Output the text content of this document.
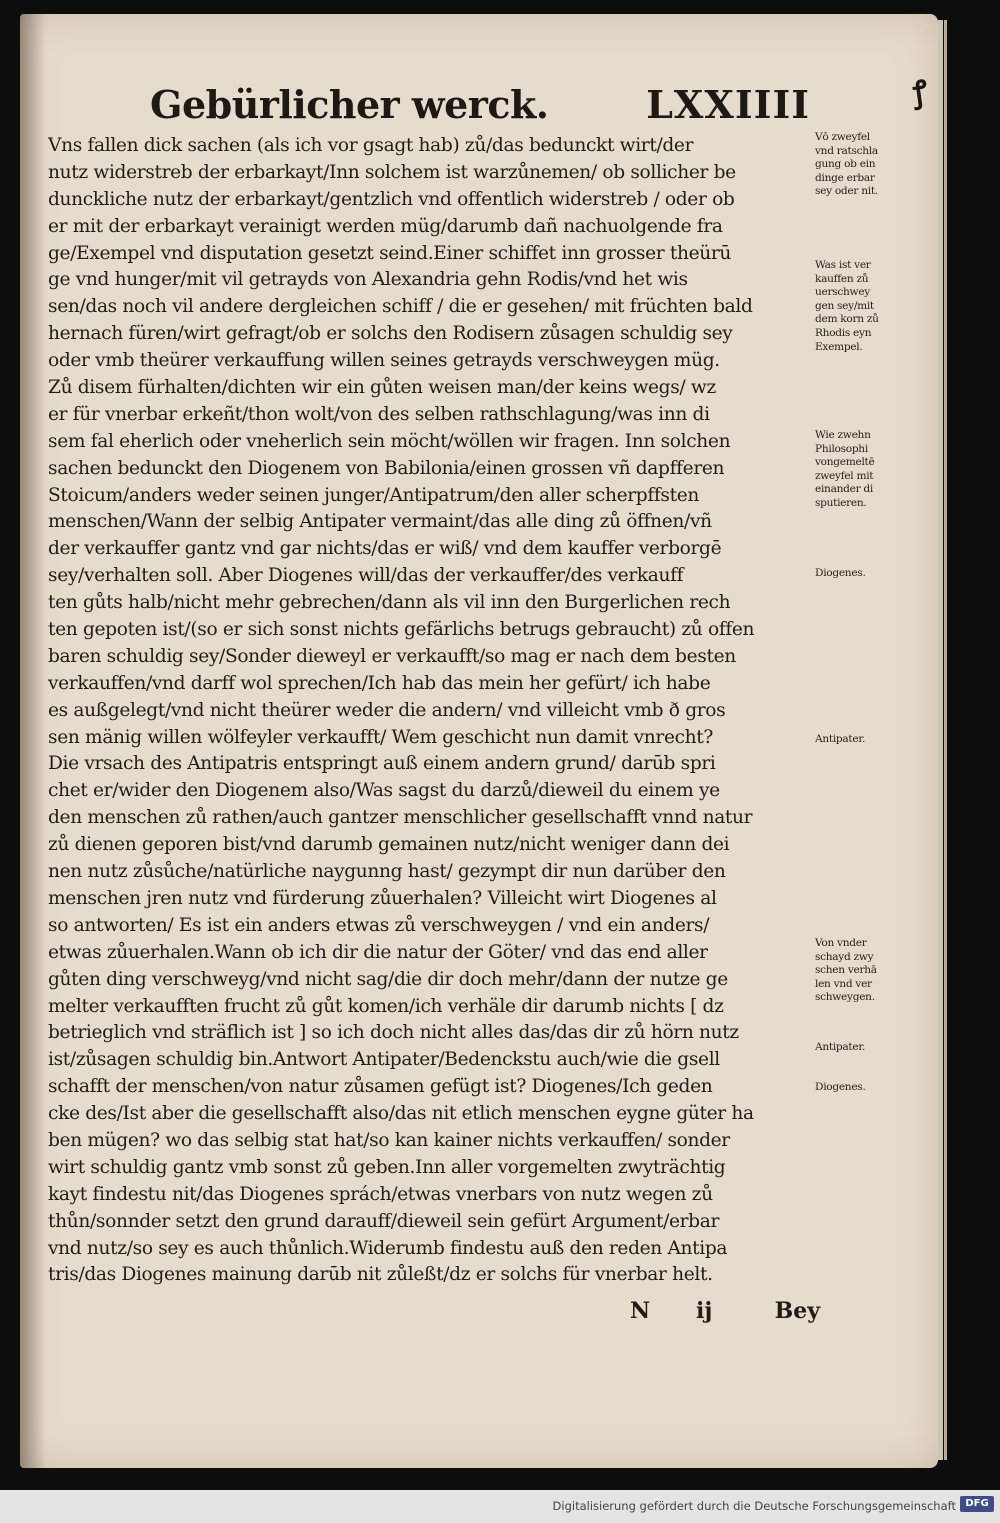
ꝭ
Gebürlicher werck.	LXXIIII
Vns fallen dick sachen (als ich vor gsagt hab) zů/das bedunckt wirt/der
nutz widerstreb der erbarkayt/Inn solchem ist warzůnemen/ ob sollicher be
dunckliche nutz der erbarkayt/gentzlich vnd offentlich widerstreb / oder ob
er mit der erbarkayt verainigt werden müg/darumb dañ nachuolgende fra
ge/Exempel vnd disputation gesetzt seind.Einer schiffet inn grosser theürū
ge vnd hunger/mit vil getrayds von Alexandria gehn Rodis/vnd het wis
sen/das noch vil andere dergleichen schiff / die er gesehen/ mit früchten bald
hernach füren/wirt gefragt/ob er solchs den Rodisern zůsagen schuldig sey
oder vmb theürer verkauffung willen seines getrayds verschweygen müg.
Zů disem fürhalten/dichten wir ein gůten weisen man/der keins wegs/ wz
er für vnerbar erkeñt/thon wolt/von des selben rathschlagung/was inn di
sem fal eherlich oder vneherlich sein möcht/wöllen wir fragen. Inn solchen
sachen bedunckt den Diogenem von Babilonia/einen grossen vñ dapfferen
Stoicum/anders weder seinen junger/Antipatrum/den aller scherpffsten
menschen/Wann der selbig Antipater vermaint/das alle ding zů öffnen/vñ
der verkauffer gantz vnd gar nichts/das er wiß/ vnd dem kauffer verborgē
sey/verhalten soll. Aber Diogenes will/das der verkauffer/des verkauff
ten gůts halb/nicht mehr gebrechen/dann als vil inn den Burgerlichen rech
ten gepoten ist/(so er sich sonst nichts gefärlichs betrugs gebraucht) zů offen
baren schuldig sey/Sonder dieweyl er verkaufft/so mag er nach dem besten
verkauffen/vnd darff wol sprechen/Ich hab das mein her gefürt/ ich habe
es außgelegt/vnd nicht theürer weder die andern/ vnd villeicht vmb ð gros
sen mänig willen wölfeyler verkaufft/ Wem geschicht nun damit vnrecht?
Die vrsach des Antipatris entspringt auß einem andern grund/ darūb spri
chet er/wider den Diogenem also/Was sagst du darzů/dieweil du einem ye
den menschen zů rathen/auch gantzer menschlicher gesellschafft vnnd natur
zů dienen geporen bist/vnd darumb gemainen nutz/nicht weniger dann dei
nen nutz zůsůche/natürliche naygunng hast/ gezympt dir nun darüber den
menschen jren nutz vnd fürderung zůuerhalen? Villeicht wirt Diogenes al
so antworten/ Es ist ein anders etwas zů verschweygen / vnd ein anders/
etwas zůuerhalen.Wann ob ich dir die natur der Göter/ vnd das end aller
gůten ding verschweyg/vnd nicht sag/die dir doch mehr/dann der nutze ge
melter verkaufften frucht zů gůt komen/ich verhäle dir darumb nichts [ dz
betrieglich vnd sträflich ist ] so ich doch nicht alles das/das dir zů hörn nutz
ist/zůsagen schuldig bin.Antwort Antipater/Bedenckstu auch/wie die gsell
schafft der menschen/von natur zůsamen gefügt ist? Diogenes/Ich geden
cke des/Ist aber die gesellschafft also/das nit etlich menschen eygne güter ha
ben mügen? wo das selbig stat hat/so kan kainer nichts verkauffen/ sonder
wirt schuldig gantz vmb sonst zů geben.Inn aller vorgemelten zwyträchtig
kayt findestu nit/das Diogenes sprách/etwas vnerbars von nutz wegen zů
thůn/sonnder setzt den grund darauff/dieweil sein gefürt Argument/erbar
vnd nutz/so sey es auch thůnlich.Widerumb findestu auß den reden Antipa
tris/das Diogenes mainung darūb nit zůleßt/dz er solchs für vnerbar helt.
N ij	Bey
Vō zweyfel
vnd ratschla
gung ob ein
dinge erbar
sey oder nit.
Was ist ver
kauffen zů
uerschwey
gen sey/mit
dem korn zů
Rhodis eyn
Exempel.
Wie zwehn
Philosophi
vongemeltē
zweyfel mit
einander di
sputieren.
Diogenes.
Antipater.
Von vnder
schayd zwy
schen verhā
len vnd ver
schweygen.
Antipater.
Diogenes.
Digitalisierung gefördert durch die Deutsche Forschungsgemeinschaft DFG
